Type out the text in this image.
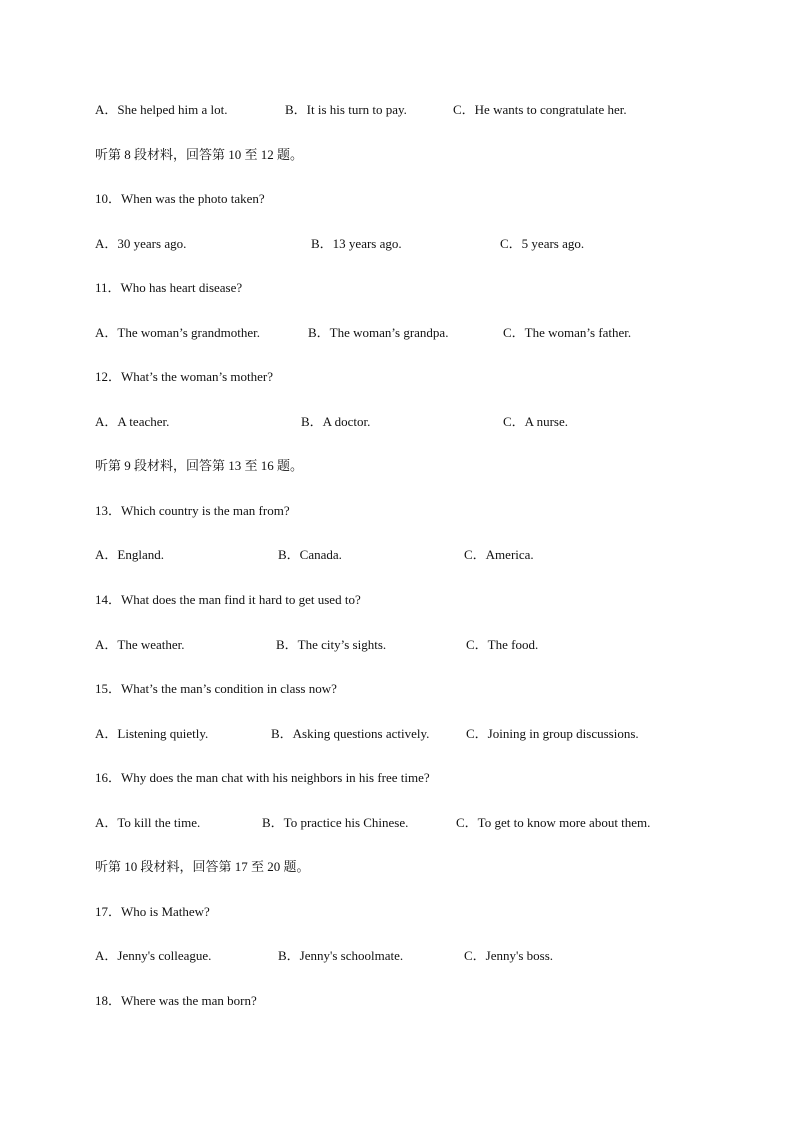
A．She helped him a lot.	B．It is his turn to pay.	C．He wants to congratulate her.
听第 8 段材料，回答第 10 至 12 题。
10．When was the photo taken?
A．30 years ago.	B．13 years ago.	C．5 years ago.
11．Who has heart disease?
A．The woman’s grandmother.	B．The woman’s grandpa.	C．The woman’s father.
12．What’s the woman’s mother?
A．A teacher.	B．A doctor.	C．A nurse.
听第 9 段材料，回答第 13 至 16 题。
13．Which country is the man from?
A．England.	B．Canada.	C．America.
14．What does the man find it hard to get used to?
A．The weather.	B．The city’s sights.	C．The food.
15．What’s the man’s condition in class now?
A．Listening quietly.	B．Asking questions actively.	C．Joining in group discussions.
16．Why does the man chat with his neighbors in his free time?
A．To kill the time.	B．To practice his Chinese.	C．To get to know more about them.
听第 10 段材料，回答第 17 至 20 题。
17．Who is Mathew?
A．Jenny's colleague.	B．Jenny's schoolmate.	C．Jenny's boss.
18．Where was the man born?
